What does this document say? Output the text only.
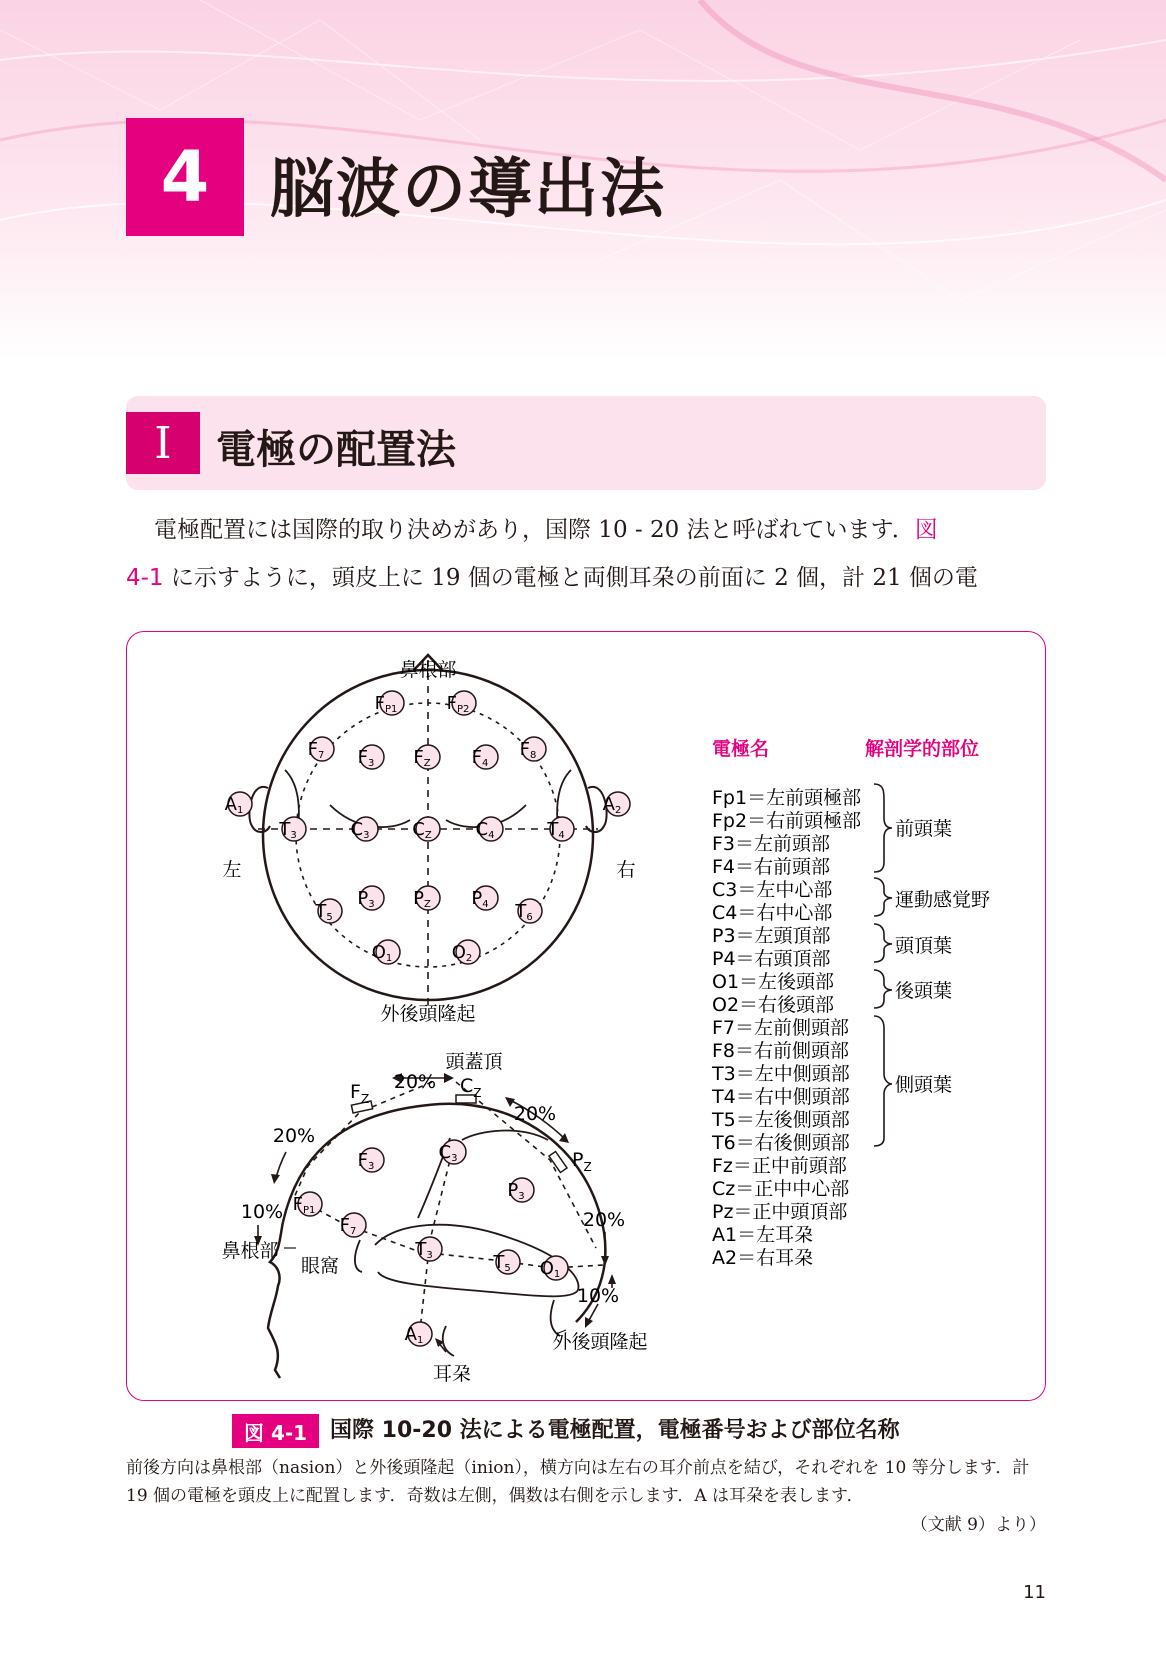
4 脳波の導出法
I	電極の配置法
電極配置には国際的取り決めがあり，国際 10 - 20 法と呼ばれています．図
4-1 に示すように，頭皮上に 19 個の電極と両側耳朶の前面に 2 個，計 21 個の電
鼻根部
外後頭隆起
左	右
FP1	FP2
F7 F3 FZ F4
F8
A1
T3	C3 CZ C4	T4
A2
T5
P3 PZ P4 T6
O1	O2
頭蓋頂
鼻根部
眼窩
外後頭隆起
耳朶
20%
20%
20%
10%	20%
10%
$F_Z$
$C_Z$
$P_Z$
F3
C3
P3
FP1
F7
T3	T5 O1
A1
電極名	解剖学的部位
Fp1＝左前頭極部
Fp2＝右前頭極部
F3＝左前頭部
F4＝右前頭部
C3＝左中心部
C4＝右中心部
P3＝左頭頂部
P4＝右頭頂部
O1＝左後頭部
O2＝右後頭部
F7＝左前側頭部
F8＝右前側頭部
T3＝左中側頭部
T4＝右中側頭部
T5＝左後側頭部
T6＝右後側頭部
Fz＝正中前頭部
Cz＝正中中心部
Pz＝正中頭頂部
A1＝左耳朶
A2＝右耳朶
前頭葉
運動感覚野
頭頂葉
後頭葉
側頭葉
図 4-1	国際 10-20 法による電極配置，電極番号および部位名称
前後方向は鼻根部（nasion）と外後頭隆起（inion），横方向は左右の耳介前点を結び，それぞれを 10 等分します．計 19 個の電極を頭皮上に配置します．奇数は左側，偶数は右側を示します．A は耳朶を表します．
（文献 9）より）
11
